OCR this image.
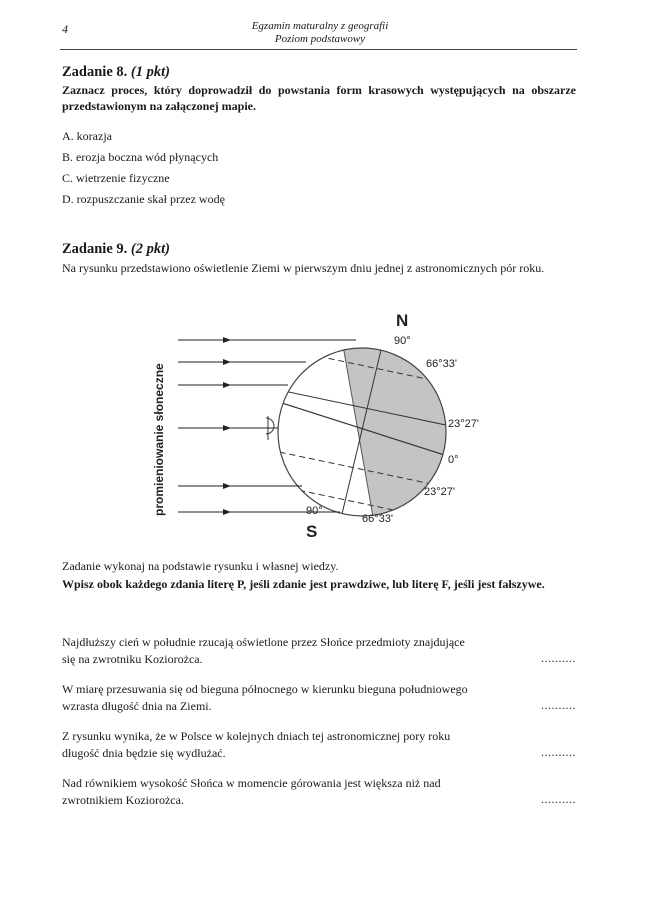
4	Egzamin maturalny z geografii
Poziom podstawowy
Zadanie 8. (1 pkt)
Zaznacz proces, który doprowadził do powstania form krasowych występujących na obszarze przedstawionym na załączonej mapie.
A. korazja
B. erozja boczna wód płynących
C. wietrzenie fizyczne
D. rozpuszczanie skał przez wodę
Zadanie 9. (2 pkt)
Na rysunku przedstawiono oświetlenie Ziemi w pierwszym dniu jednej z astronomicznych pór roku.
promieniowanie słoneczne
N
S
90°
66°33'
23°27'
0°
23°27'
90°
66°33'
Zadanie wykonaj na podstawie rysunku i własnej wiedzy.
Wpisz obok każdego zdania literę P, jeśli zdanie jest prawdziwe, lub literę F, jeśli jest fałszywe.
Najdłuższy cień w południe rzucają oświetlone przez Słońce przedmioty znajdujące
się na zwrotniku Koziorożca.	..........
W miarę przesuwania się od bieguna północnego w kierunku bieguna południowego
wzrasta długość dnia na Ziemi.	..........
Z rysunku wynika, że w Polsce w kolejnych dniach tej astronomicznej pory roku
długość dnia będzie się wydłużać.	..........
Nad równikiem wysokość Słońca w momencie górowania jest większa niż nad
zwrotnikiem Koziorożca.	..........
